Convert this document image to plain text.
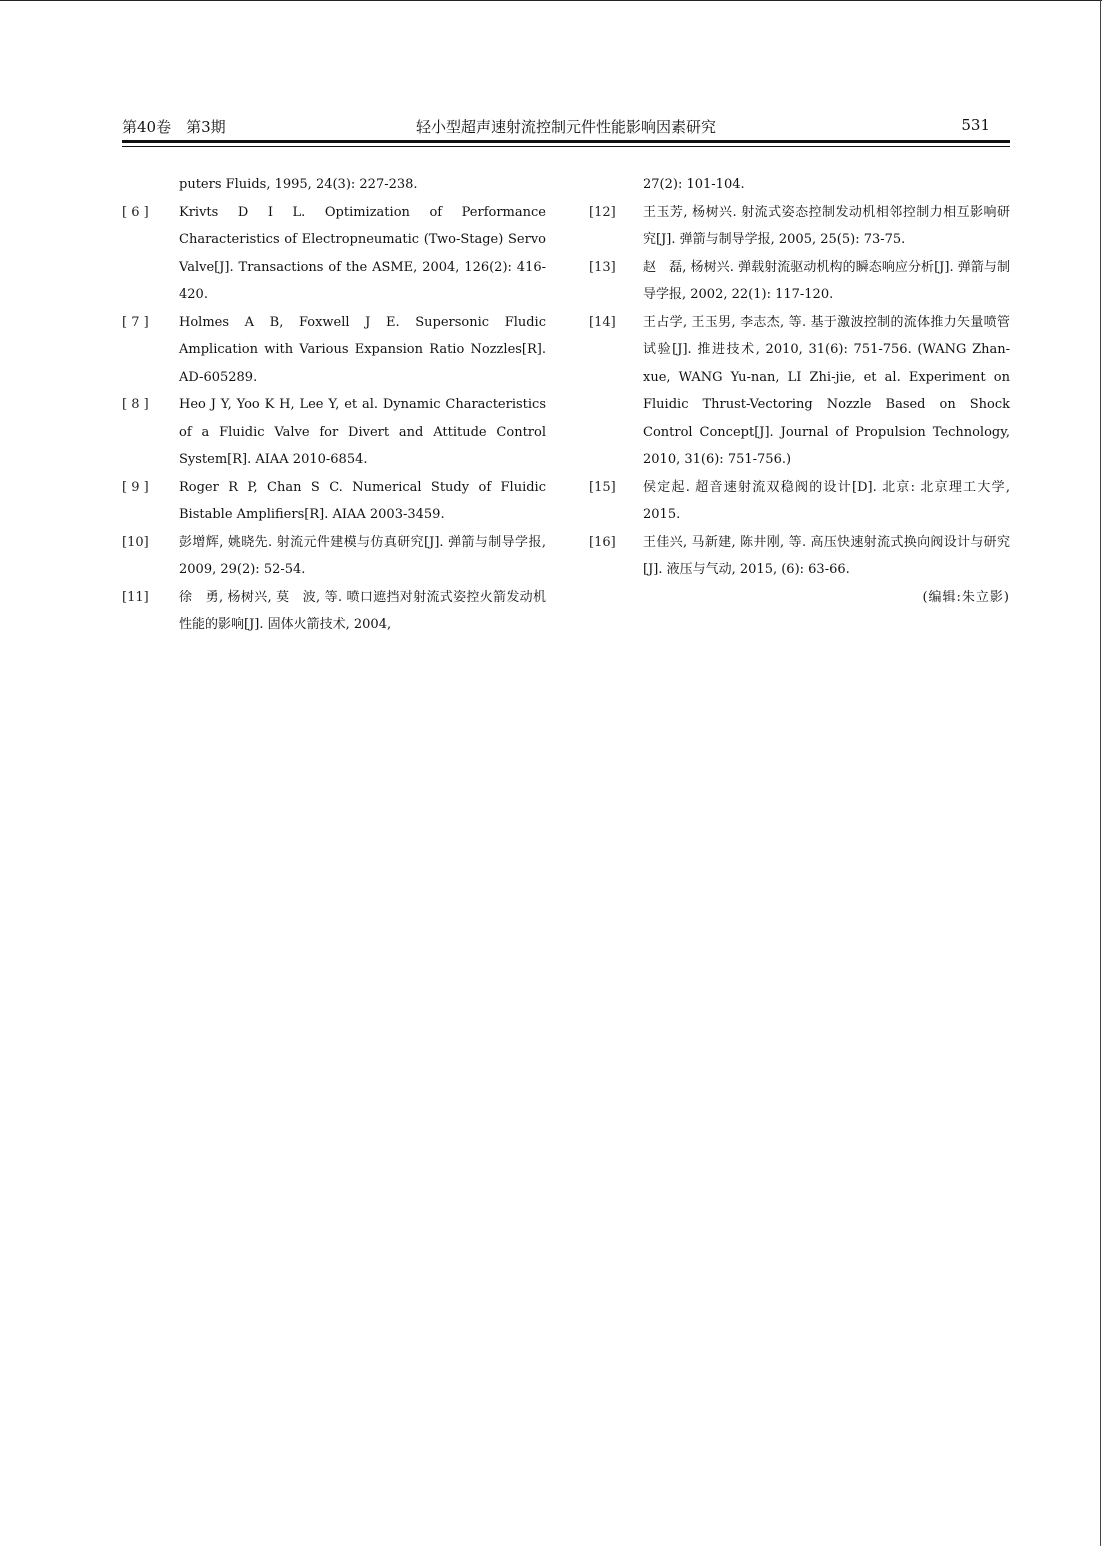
第40卷　第3期	轻小型超声速射流控制元件性能影响因素研究	531
puters Fluids, 1995, 24(3): 227-238.
[ 6 ] Krivts D I L. Optimization of Performance Characteristics of Electropneumatic (Two-Stage) Servo Valve[J]. Transactions of the ASME, 2004, 126(2): 416-420.
[ 7 ] Holmes A B, Foxwell J E. Supersonic Fludic Amplication with Various Expansion Ratio Nozzles[R]. AD-605289.
[ 8 ] Heo J Y, Yoo K H, Lee Y, et al. Dynamic Characteristics of a Fluidic Valve for Divert and Attitude Control System[R]. AIAA 2010-6854.
[ 9 ] Roger R P, Chan S C. Numerical Study of Fluidic Bistable Amplifiers[R]. AIAA 2003-3459.
[10] 彭增辉, 姚晓先. 射流元件建模与仿真研究[J]. 弹箭与制导学报, 2009, 29(2): 52-54.
[11] 徐　勇, 杨树兴, 莫　波, 等. 喷口遮挡对射流式姿控火箭发动机性能的影响[J]. 固体火箭技术, 2004,
27(2): 101-104.
[12] 王玉芳, 杨树兴. 射流式姿态控制发动机相邻控制力相互影响研究[J]. 弹箭与制导学报, 2005, 25(5): 73-75.
[13] 赵　磊, 杨树兴. 弹载射流驱动机构的瞬态响应分析[J]. 弹箭与制导学报, 2002, 22(1): 117-120.
[14] 王占学, 王玉男, 李志杰, 等. 基于激波控制的流体推力矢量喷管试验[J]. 推进技术, 2010, 31(6): 751-756. (WANG Zhan-xue, WANG Yu-nan, LI Zhi-jie, et al. Experiment on Fluidic Thrust-Vectoring Nozzle Based on Shock Control Concept[J]. Journal of Propulsion Technology, 2010, 31(6): 751-756.)
[15] 侯定起. 超音速射流双稳阀的设计[D]. 北京: 北京理工大学, 2015.
[16] 王佳兴, 马新建, 陈井刚, 等. 高压快速射流式换向阀设计与研究[J]. 液压与气动, 2015, (6): 63-66.
(编辑:朱立影)
